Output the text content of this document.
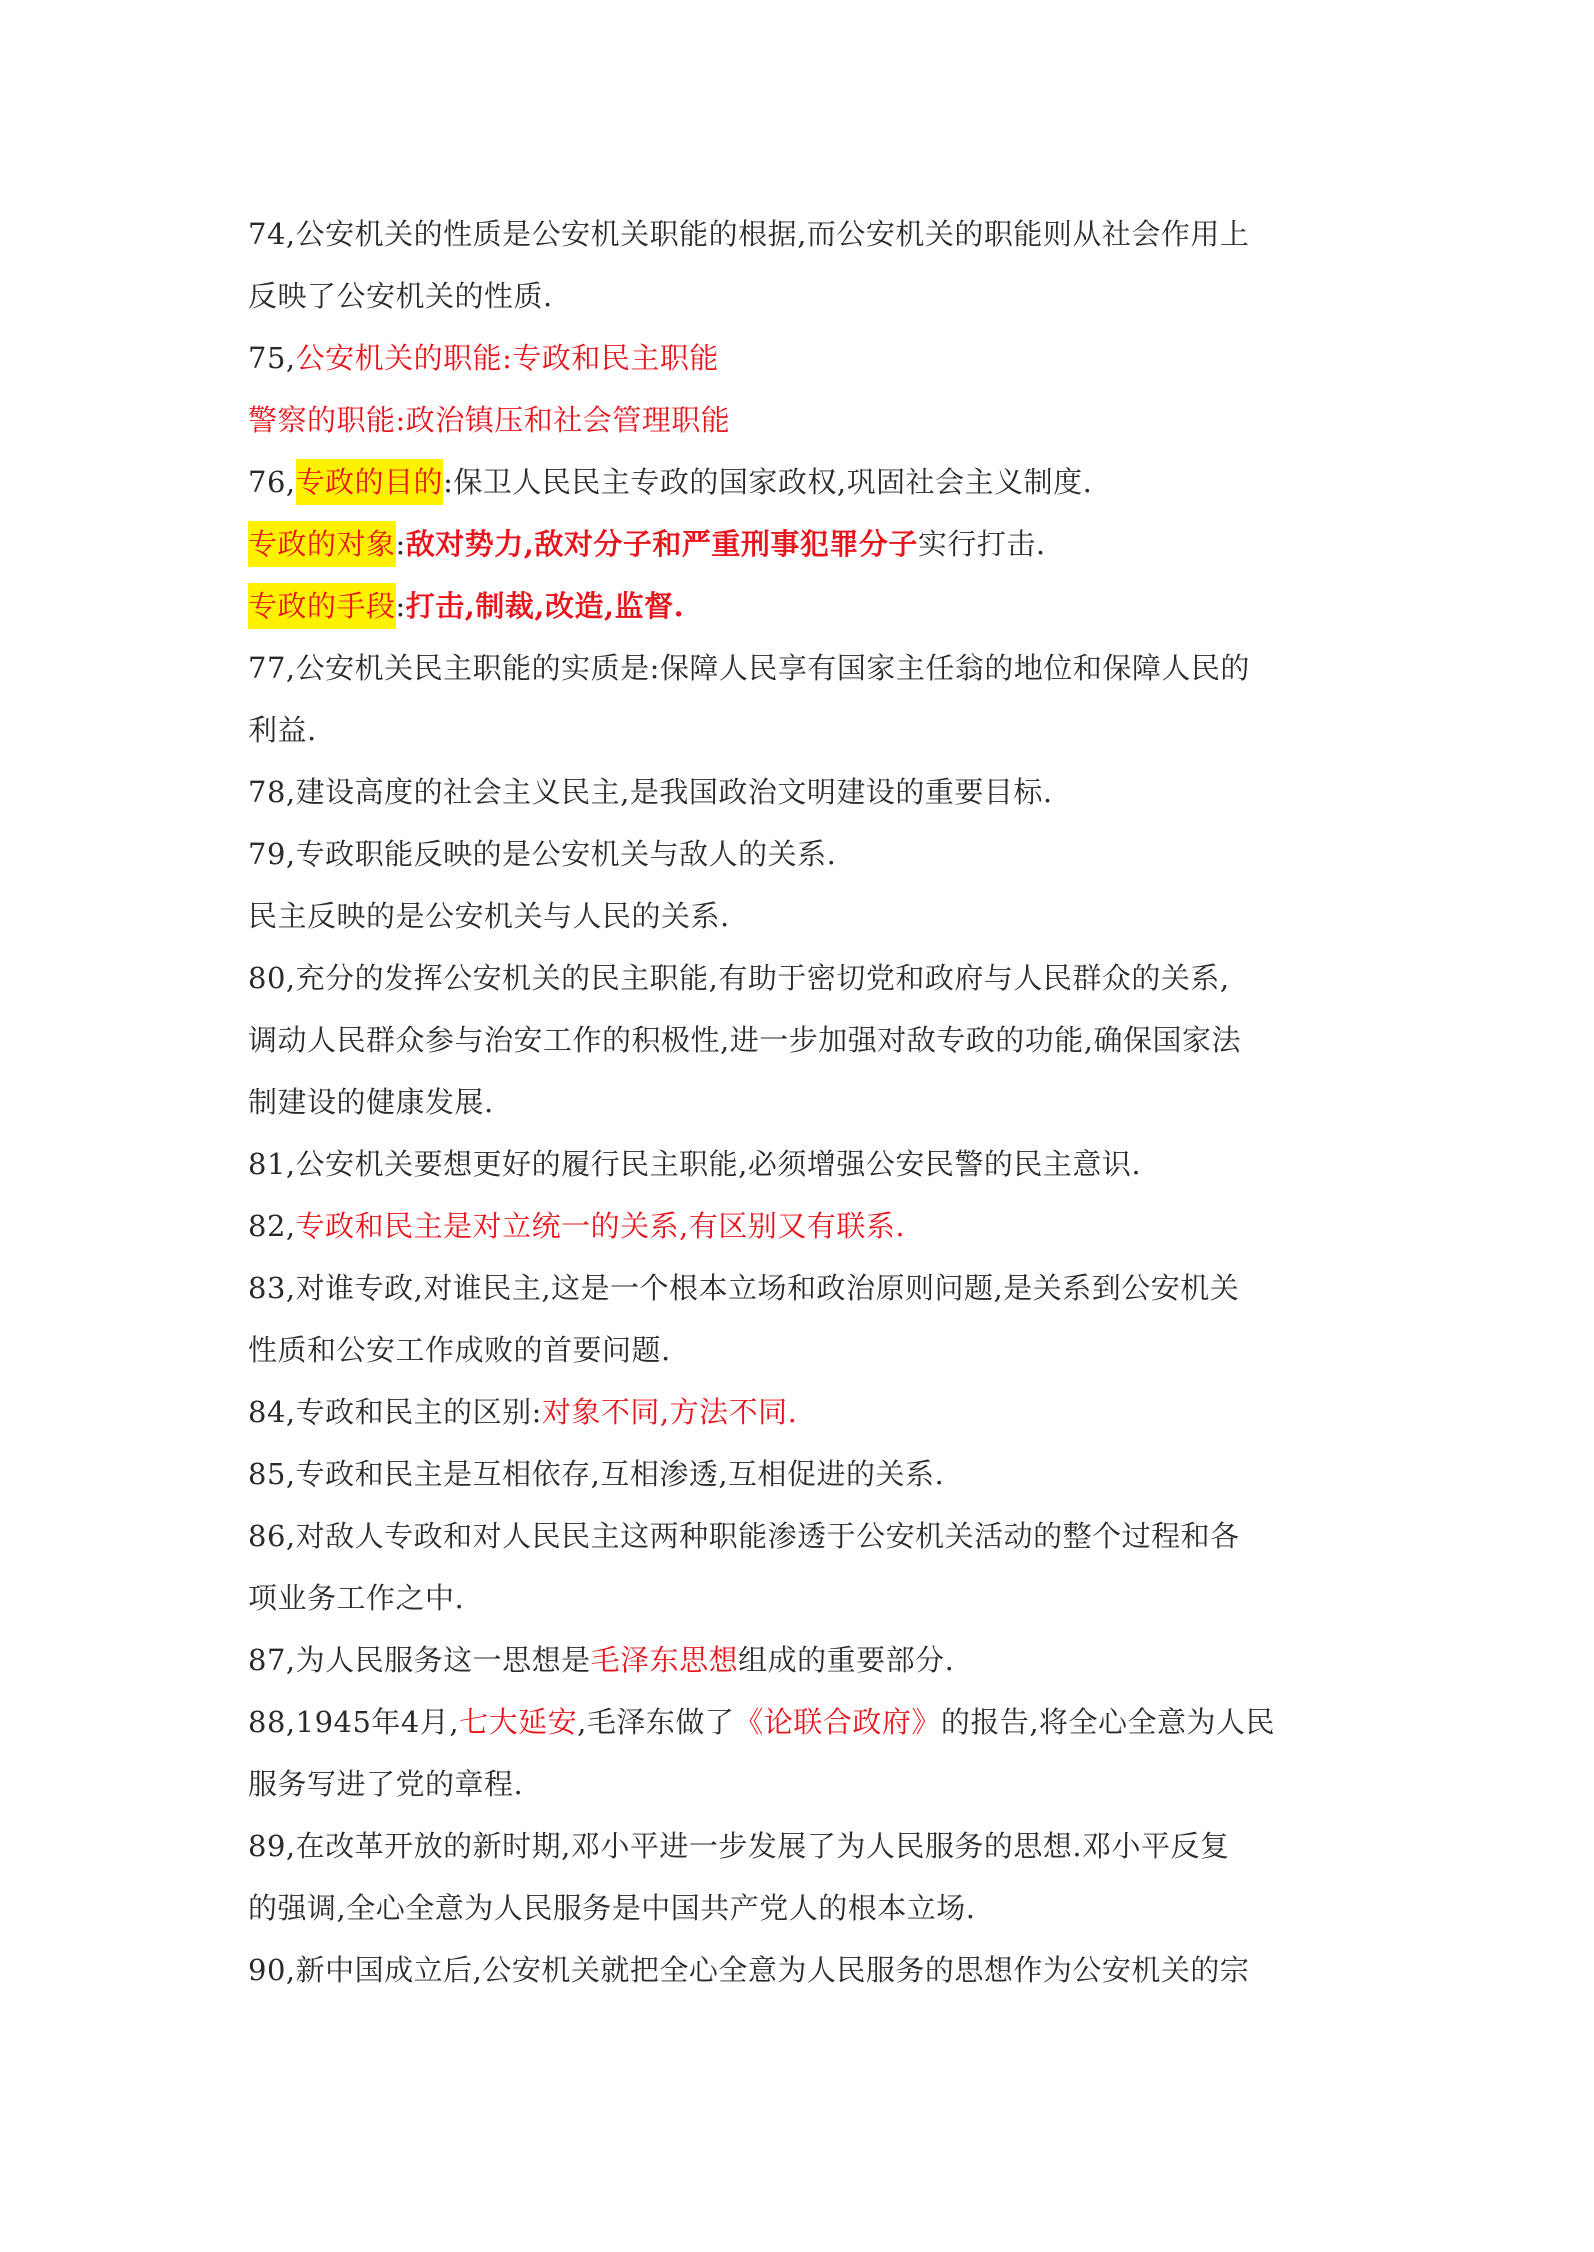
74,公安机关的性质是公安机关职能的根据,而公安机关的职能则从社会作用上
反映了公安机关的性质.
75,公安机关的职能:专政和民主职能
警察的职能:政治镇压和社会管理职能
76,专政的目的:保卫人民民主专政的国家政权,巩固社会主义制度.
专政的对象:敌对势力,敌对分子和严重刑事犯罪分子实行打击.
专政的手段:打击,制裁,改造,监督.
77,公安机关民主职能的实质是:保障人民享有国家主任翁的地位和保障人民的
利益.
78,建设高度的社会主义民主,是我国政治文明建设的重要目标.
79,专政职能反映的是公安机关与敌人的关系.
民主反映的是公安机关与人民的关系.
80,充分的发挥公安机关的民主职能,有助于密切党和政府与人民群众的关系,
调动人民群众参与治安工作的积极性,进一步加强对敌专政的功能,确保国家法
制建设的健康发展.
81,公安机关要想更好的履行民主职能,必须增强公安民警的民主意识.
82,专政和民主是对立统一的关系,有区别又有联系.
83,对谁专政,对谁民主,这是一个根本立场和政治原则问题,是关系到公安机关
性质和公安工作成败的首要问题.
84,专政和民主的区别:对象不同,方法不同.
85,专政和民主是互相依存,互相渗透,互相促进的关系.
86,对敌人专政和对人民民主这两种职能渗透于公安机关活动的整个过程和各
项业务工作之中.
87,为人民服务这一思想是毛泽东思想组成的重要部分.
88,1945年4月,七大延安,毛泽东做了《论联合政府》的报告,将全心全意为人民
服务写进了党的章程.
89,在改革开放的新时期,邓小平进一步发展了为人民服务的思想.邓小平反复
的强调,全心全意为人民服务是中国共产党人的根本立场.
90,新中国成立后,公安机关就把全心全意为人民服务的思想作为公安机关的宗
